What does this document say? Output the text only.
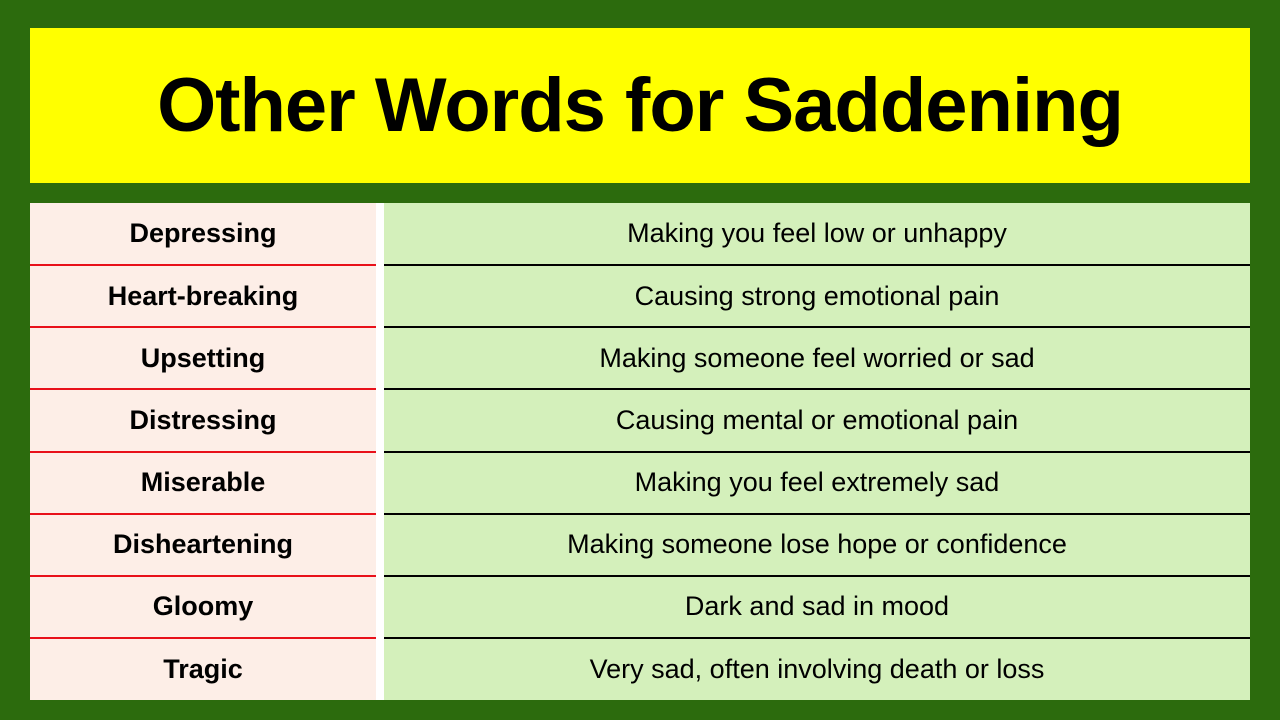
Other Words for Saddening
Depressing	Making you feel low or unhappy
Heart-breaking	Causing strong emotional pain
Upsetting	Making someone feel worried or sad
Distressing	Causing mental or emotional pain
Miserable	Making you feel extremely sad
Disheartening	Making someone lose hope or confidence
Gloomy	Dark and sad in mood
Tragic	Very sad, often involving death or loss
